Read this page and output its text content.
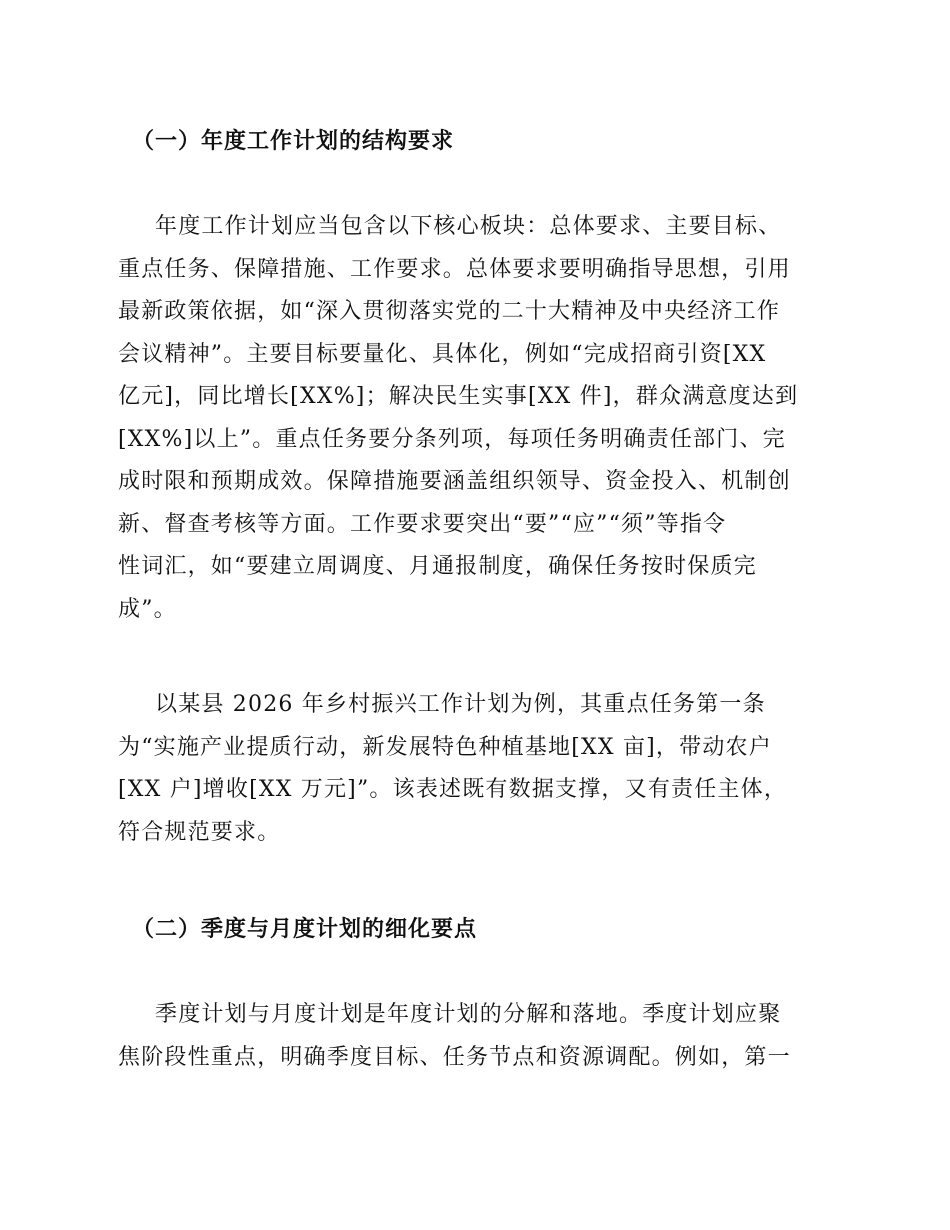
（一）年度工作计划的结构要求
年度工作计划应当包含以下核心板块：总体要求、主要目标、
重点任务、保障措施、工作要求。总体要求要明确指导思想，引用
最新政策依据，如“深入贯彻落实党的二十大精神及中央经济工作
会议精神”。主要目标要量化、具体化，例如“完成招商引资[XX
亿元]，同比增长[XX%]；解决民生实事[XX 件]，群众满意度达到
[XX%]以上”。重点任务要分条列项，每项任务明确责任部门、完
成时限和预期成效。保障措施要涵盖组织领导、资金投入、机制创
新、督查考核等方面。工作要求要突出“要”“应”“须”等指令
性词汇，如“要建立周调度、月通报制度，确保任务按时保质完
成”。
以某县 2026 年乡村振兴工作计划为例，其重点任务第一条
为“实施产业提质行动，新发展特色种植基地[XX 亩]，带动农户
[XX 户]增收[XX 万元]”。该表述既有数据支撑，又有责任主体，
符合规范要求。
（二）季度与月度计划的细化要点
季度计划与月度计划是年度计划的分解和落地。季度计划应聚
焦阶段性重点，明确季度目标、任务节点和资源调配。例如，第一
